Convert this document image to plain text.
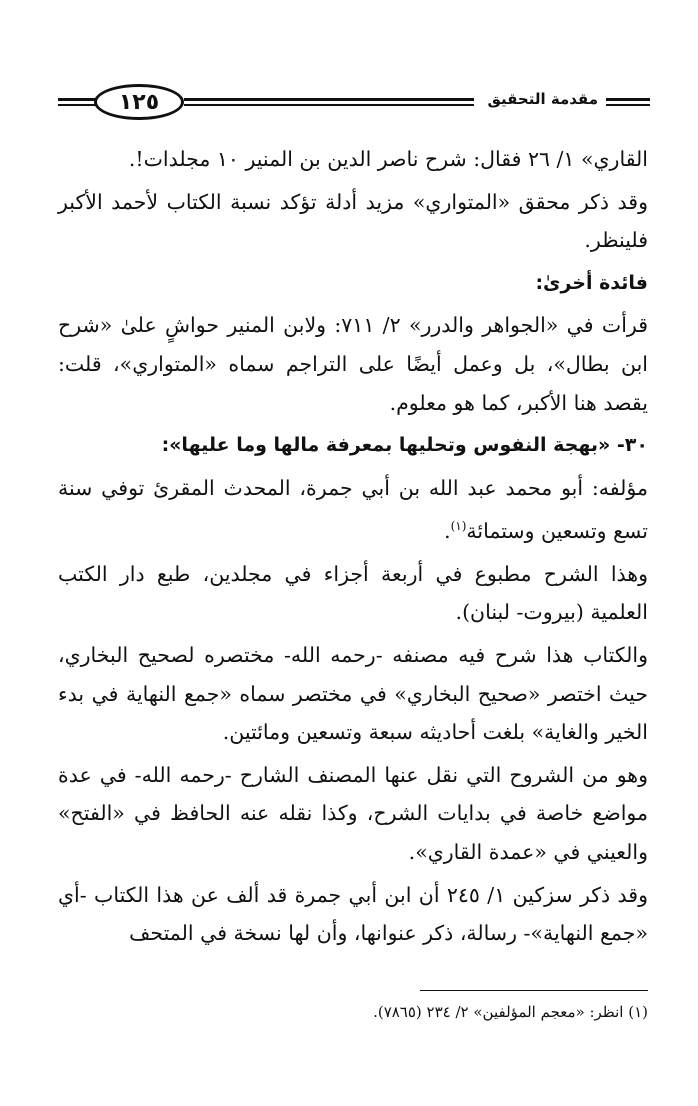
١٢٥	مقدمة التحقيق

القاري» ١/ ٢٦ فقال: شرح ناصر الدين بن المنير ١٠ مجلدات!.

وقد ذكر محقق «المتواري» مزيد أدلة تؤكد نسبة الكتاب لأحمد الأكبر فلينظر.

فائدة أخرىٰ:

قرأت في «الجواهر والدرر» ٢/ ٧١١: ولابن المنير حواشٍ علىٰ «شرح ابن بطال»، بل وعمل أيضًا على التراجم سماه «المتواري»، قلت: يقصد هنا الأكبر، كما هو معلوم.

٣٠- «بهجة النفوس وتحليها بمعرفة مالها وما عليها»:

مؤلفه: أبو محمد عبد الله بن أبي جمرة، المحدث المقرئ توفي سنة تسع وتسعين وستمائة$^{(١)}$.

وهذا الشرح مطبوع في أربعة أجزاء في مجلدين، طبع دار الكتب العلمية (بيروت- لبنان).

والكتاب هذا شرح فيه مصنفه -رحمه الله- مختصره لصحيح البخاري، حيث اختصر «صحيح البخاري» في مختصر سماه «جمع النهاية في بدء الخير والغاية» بلغت أحاديثه سبعة وتسعين ومائتين.

وهو من الشروح التي نقل عنها المصنف الشارح -رحمه الله- في عدة مواضع خاصة في بدايات الشرح، وكذا نقله عنه الحافظ في «الفتح» والعيني في «عمدة القاري».

وقد ذكر سزكين ١/ ٢٤٥ أن ابن أبي جمرة قد ألف عن هذا الكتاب -أي «جمع النهاية»- رسالة، ذكر عنوانها، وأن لها نسخة في المتحف

(١) انظر: «معجم المؤلفين» ٢/ ٢٣٤ (٧٨٦٥).
